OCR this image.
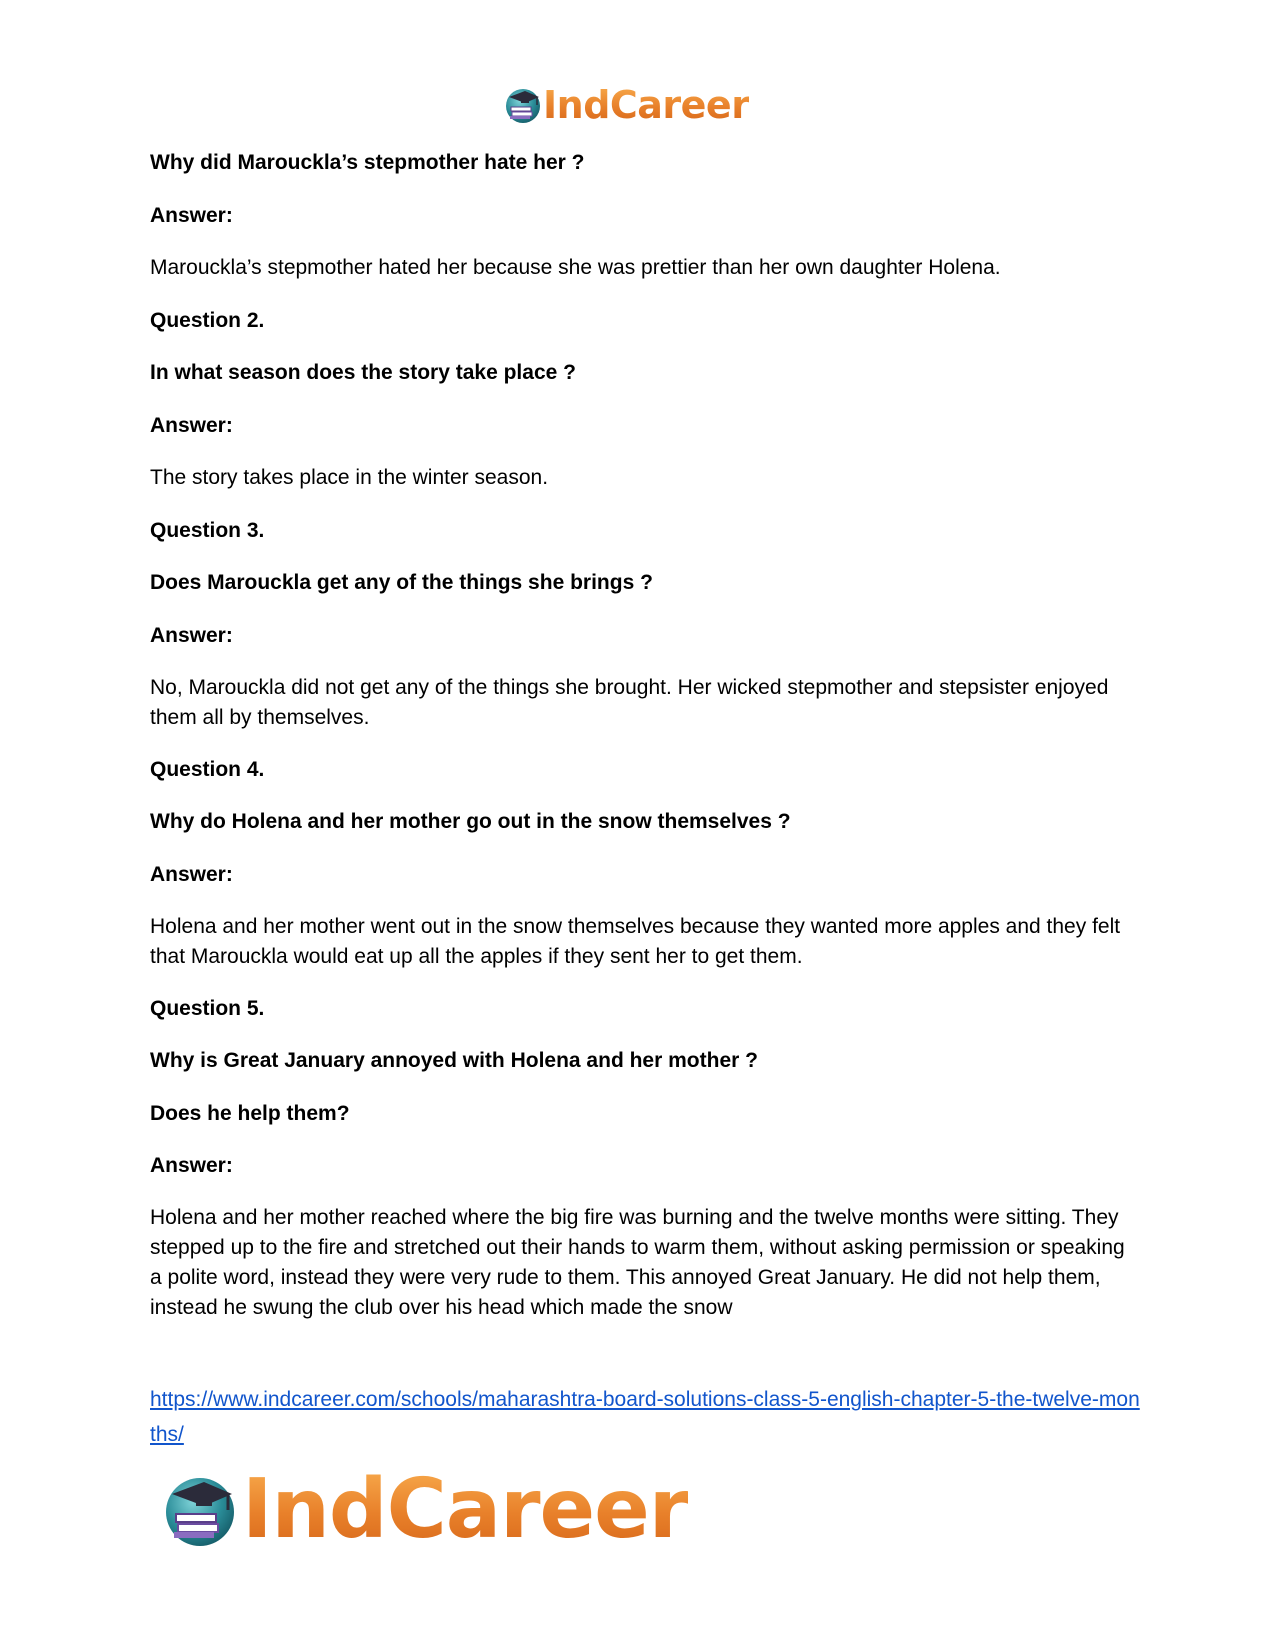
IndCareer

Why did Marouckla’s stepmother hate her ?

Answer:

Marouckla’s stepmother hated her because she was prettier than her own daughter Holena.

Question 2.

In what season does the story take place ?

Answer:

The story takes place in the winter season.

Question 3.

Does Marouckla get any of the things she brings ?

Answer:

No, Marouckla did not get any of the things she brought. Her wicked stepmother and stepsister enjoyed them all by themselves.

Question 4.

Why do Holena and her mother go out in the snow themselves ?

Answer:

Holena and her mother went out in the snow themselves because they wanted more apples and they felt that Marouckla would eat up all the apples if they sent her to get them.

Question 5.

Why is Great January annoyed with Holena and her mother ?

Does he help them?

Answer:

Holena and her mother reached where the big fire was burning and the twelve months were sitting. They stepped up to the fire and stretched out their hands to warm them, without asking permission or speaking a polite word, instead they were very rude to them. This annoyed Great January. He did not help them, instead he swung the club over his head which made the snow

https://www.indcareer.com/schools/maharashtra-board-solutions-class-5-english-chapter-5-the-twelve-months/
IndCareer
